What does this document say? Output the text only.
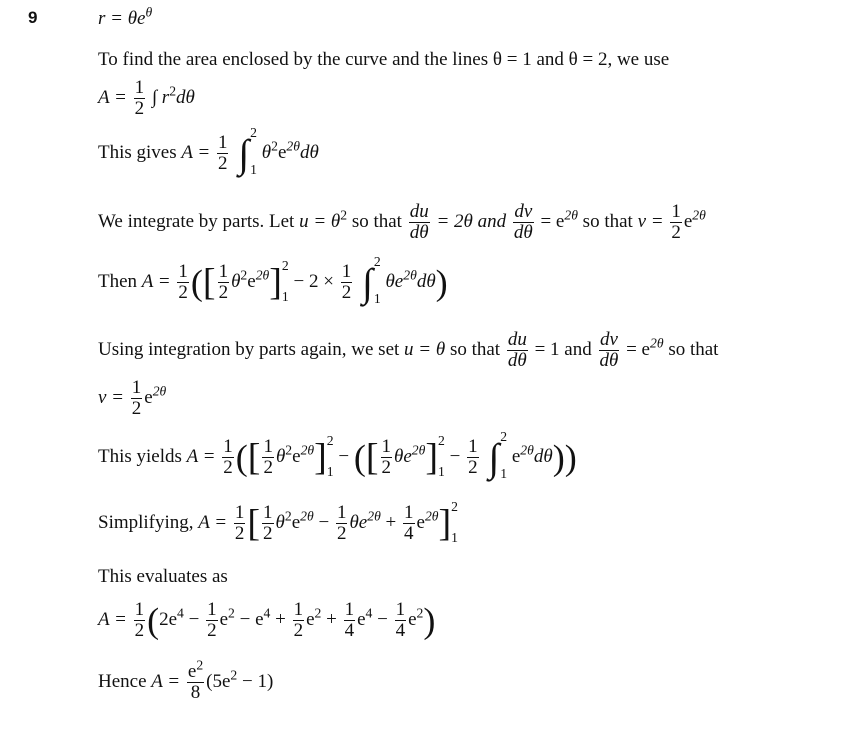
9	$r = \theta e^\theta$
To find the area enclosed by the curve and the lines θ = 1 and θ = 2, we use
$A = \frac{1}{2}$ ∫ $r^2d\theta$
This gives $A = \frac{1}{2}$ ∫ 2
1
$\theta^2e^{2\theta}d\theta$
We integrate by parts. Let $u = \theta^2$ so that $\frac{du}{d\theta} = 2\theta$ and $\frac{dv}{d\theta} = e^{2\theta}$ so that $v = \frac{1}{2} e^{2\theta}$
Then $A = \frac{1}{2}$ ([ $\frac{1}{2} \theta^2e^{2\theta}$] 2
1
− $2 \times \frac{1}{2}$ ∫ 2
1
$\theta e^{2\theta}d\theta$)
Using integration by parts again, we set u = θ so that $\frac{du}{d\theta} = 1$ and $\frac{dv}{d\theta} = e^{2\theta}$ so that
$v = \frac{1}{2} e^{2\theta}$
This yields $A = \frac{1}{2}$ ([ $\frac{1}{2} \theta^2e^{2\theta}$] 2
1
− ([ $\frac{1}{2} \theta e^{2\theta}$] 2
1
− $\frac{1}{2}$ ∫ 2
1
$e^{2\theta}d\theta$))
Simplifying, $A = \frac{1}{2}$ [ $\frac{1}{2} \theta^2e^{2\theta} - \frac{1}{2} \theta e^{2\theta} + \frac{1}{4} e^{2\theta}$] 2
1
This evaluates as
$A = \frac{1}{2} (2e^4 - \frac{1}{2} e^2 - e^4 + \frac{1}{2} e^2 + \frac{1}{4} e^4 - \frac{1}{4} e^2)$
Hence $A = \frac{e^2}{8} (5e^2 - 1)$
